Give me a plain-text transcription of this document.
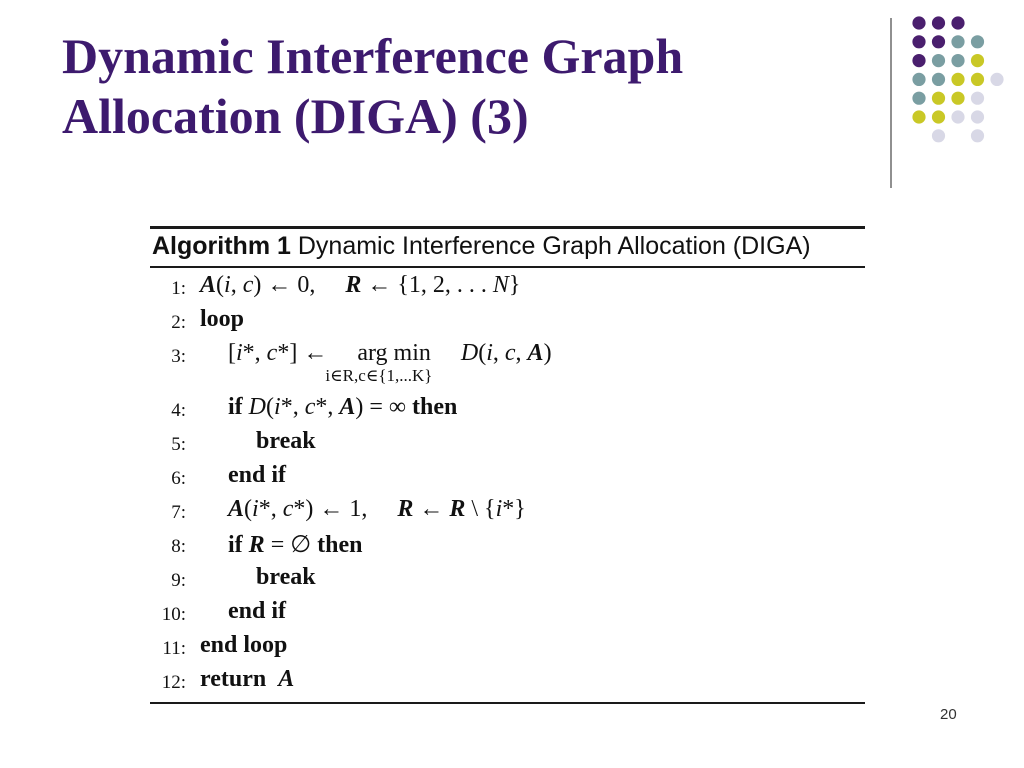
Dynamic Interference Graph
Allocation (DIGA) (3)
Algorithm 1 Dynamic Interference Graph Allocation (DIGA)
1: A(i, c) ← 0,     R ← {1, 2, . . . N}
2: loop
3: [i*, c*] ←     arg min
i∈R,c∈{1,...K}
D(i, c, A)
4: if D(i*, c*, A) = ∞ then
5:	break
6: end if
7: A(i*, c*) ← 1,     R ← R \ {i*}
8: if R = ∅ then
9:	break
10: end if
11: end loop
12: return A
20
